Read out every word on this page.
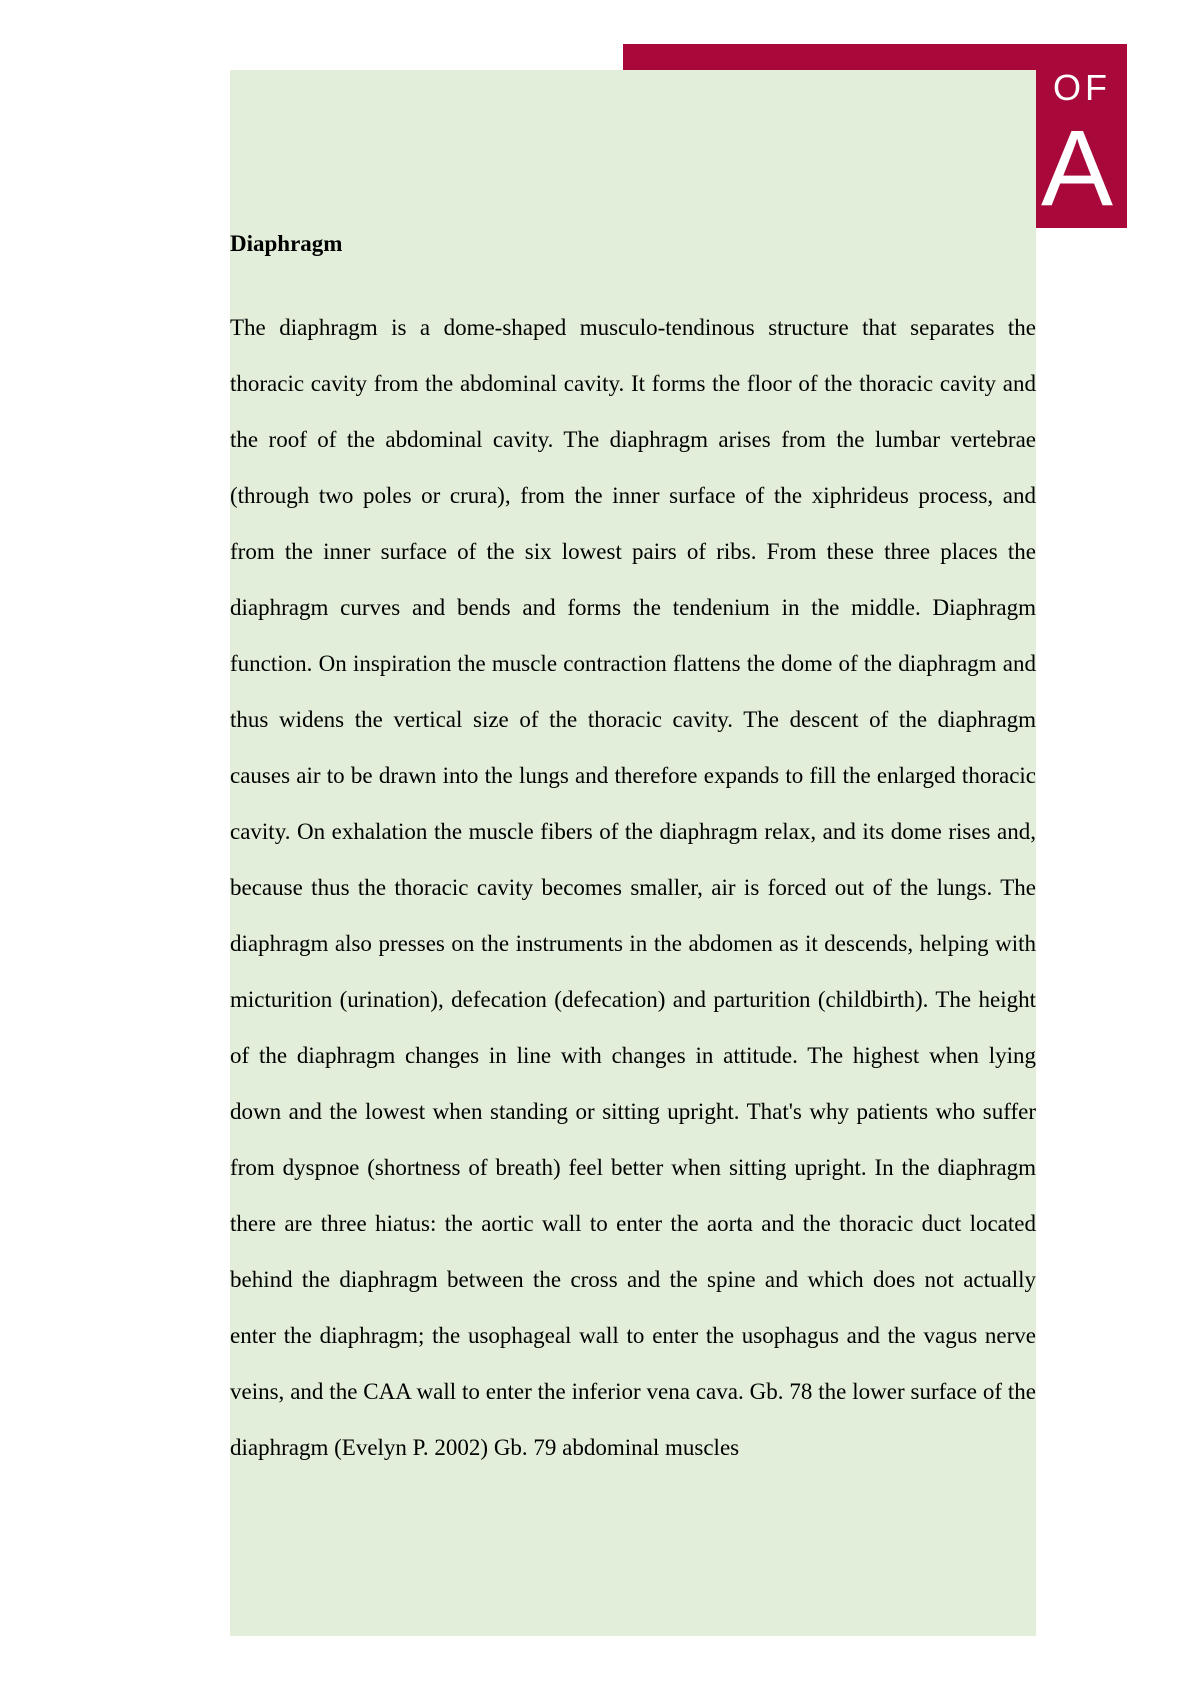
OF
A
Diaphragm

The diaphragm is a dome-shaped musculo-tendinous structure that separates the thoracic cavity from the abdominal cavity. It forms the floor of the thoracic cavity and the roof of the abdominal cavity. The diaphragm arises from the lumbar vertebrae (through two poles or crura), from the inner surface of the xiphrideus process, and from the inner surface of the six lowest pairs of ribs. From these three places the diaphragm curves and bends and forms the tendenium in the middle. Diaphragm function. On inspiration the muscle contraction flattens the dome of the diaphragm and thus widens the vertical size of the thoracic cavity. The descent of the diaphragm causes air to be drawn into the lungs and therefore expands to fill the enlarged thoracic cavity. On exhalation the muscle fibers of the diaphragm relax, and its dome rises and, because thus the thoracic cavity becomes smaller, air is forced out of the lungs. The diaphragm also presses on the instruments in the abdomen as it descends, helping with micturition (urination), defecation (defecation) and parturition (childbirth). The height of the diaphragm changes in line with changes in attitude. The highest when lying down and the lowest when standing or sitting upright. That's why patients who suffer from dyspnoe (shortness of breath) feel better when sitting upright. In the diaphragm there are three hiatus: the aortic wall to enter the aorta and the thoracic duct located behind the diaphragm between the cross and the spine and which does not actually enter the diaphragm; the usophageal wall to enter the usophagus and the vagus nerve veins, and the CAA wall to enter the inferior vena cava. Gb. 78 the lower surface of the diaphragm (Evelyn P. 2002) Gb. 79 abdominal muscles
